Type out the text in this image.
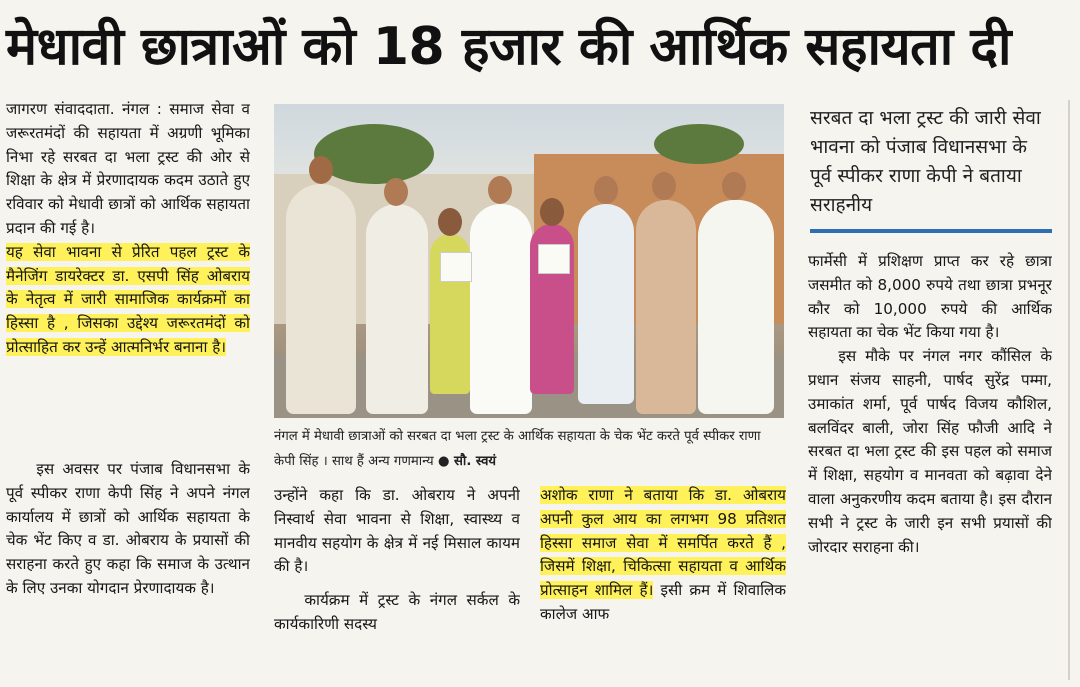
मेधावी छात्राओं को 18 हजार की आर्थिक सहायता दी

जागरण संवाददाता. नंगल : समाज सेवा व जरूरतमंदों की सहायता में अग्रणी भूमिका निभा रहे सरबत दा भला ट्रस्ट की ओर से शिक्षा के क्षेत्र में प्रेरणादायक कदम उठाते हुए रविवार को मेधावी छात्रों को आर्थिक सहायता प्रदान की गई है।

यह सेवा भावना से प्रेरित पहल ट्रस्ट के मैनेजिंग डायरेक्टर डा. एसपी सिंह ओबराय के नेतृत्व में जारी सामाजिक कार्यक्रमों का हिस्सा है , जिसका उद्देश्य जरूरतमंदों को प्रोत्साहित कर उन्हें आत्मनिर्भर बनाना है।

इस अवसर पर पंजाब विधानसभा के पूर्व स्पीकर राणा केपी सिंह ने अपने नंगल कार्यालय में छात्रों को आर्थिक सहायता के चेक भेंट किए व डा. ओबराय के प्रयासों की सराहना करते हुए कहा कि समाज के उत्थान के लिए उनका योगदान प्रेरणादायक है।

नंगल में मेधावी छात्राओं को सरबत दा भला ट्रस्ट के आर्थिक सहायता के चेक भेंट करते पूर्व स्पीकर राणा केपी सिंह । साथ हैं अन्य गणमान्य ● सौ. स्वयं

उन्होंने कहा कि डा. ओबराय ने अपनी निस्वार्थ सेवा भावना से शिक्षा, स्वास्थ्य व मानवीय सहयोग के क्षेत्र में नई मिसाल कायम की है।

कार्यक्रम में ट्रस्ट के नंगल सर्कल के कार्यकारिणी सदस्य

अशोक राणा ने बताया कि डा. ओबराय अपनी कुल आय का लगभग 98 प्रतिशत हिस्सा समाज सेवा में समर्पित करते हैं , जिसमें शिक्षा, चिकित्सा सहायता व आर्थिक प्रोत्साहन शामिल हैं। इसी क्रम में शिवालिक कालेज आफ

सरबत दा भला ट्रस्ट की जारी सेवा भावना को पंजाब विधानसभा के पूर्व स्पीकर राणा केपी ने बताया सराहनीय

फार्मेसी में प्रशिक्षण प्राप्त कर रहे छात्रा जसमीत को 8,000 रुपये तथा छात्रा प्रभनूर कौर को 10,000 रुपये की आर्थिक सहायता का चेक भेंट किया गया है।

इस मौके पर नंगल नगर कौंसिल के प्रधान संजय साहनी, पार्षद सुरेंद्र पम्मा, उमाकांत शर्मा, पूर्व पार्षद विजय कौशिल, बलविंदर बाली, जोरा सिंह फौजी आदि ने सरबत दा भला ट्रस्ट की इस पहल को समाज में शिक्षा, सहयोग व मानवता को बढ़ावा देने वाला अनुकरणीय कदम बताया है। इस दौरान सभी ने ट्रस्ट के जारी इन सभी प्रयासों की जोरदार सराहना की।
